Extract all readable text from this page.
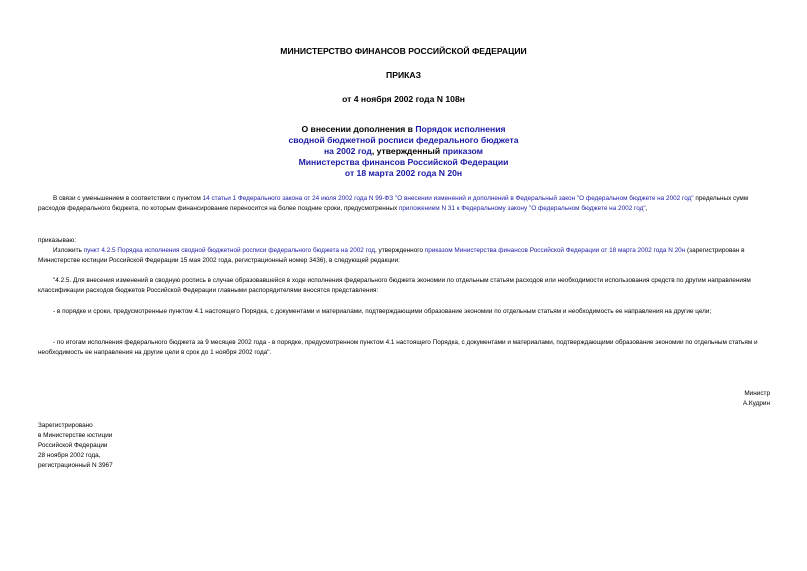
МИНИСТЕРСТВО ФИНАНСОВ РОССИЙСКОЙ ФЕДЕРАЦИИ
ПРИКАЗ
от 4 ноября 2002 года N 108н
О внесении дополнения в Порядок исполнения
сводной бюджетной росписи федерального бюджета
на 2002 год, утвержденный приказом
Министерства финансов Российской Федерации
от 18 марта 2002 года N 20н

В связи с уменьшением в соответствии с пунктом 14 статьи 1 Федерального закона от 24 июля 2002 года N 99-ФЗ "О внесении изменений и дополнений в Федеральный закон "О федеральном бюджете на 2002 год" предельных сумм расходов федерального бюджета, по которым финансирование переносится на более поздние сроки, предусмотренных приложением N 31 к Федеральному закону "О федеральном бюджете на 2002 год",

приказываю:

Изложить пункт 4.2.5 Порядка исполнения сводной бюджетной росписи федерального бюджета на 2002 год, утвержденного приказом Министерства финансов Российской Федерации от 18 марта 2002 года N 20н (зарегистрирован в Министерстве юстиции Российской Федерации 15 мая 2002 года, регистрационный номер 3436), в следующей редакции:

"4.2.5. Для внесения изменений в сводную роспись в случае образовавшейся в ходе исполнения федерального бюджета экономии по отдельным статьям расходов или необходимости использования средств по другим направлениям классификации расходов бюджетов Российской Федерации главными распорядителями вносятся представления:

- в порядке и сроки, предусмотренные пунктом 4.1 настоящего Порядка, с документами и материалами, подтверждающими образование экономии по отдельным статьям и необходимость ее направления на другие цели;

- по итогам исполнения федерального бюджета за 9 месяцев 2002 года - в порядке, предусмотренном пунктом 4.1 настоящего Порядка, с документами и материалами, подтверждающими образование экономии по отдельным статьям и необходимость ее направления на другие цели в срок до 1 ноября 2002 года".

Министр
А.Кудрин
Зарегистрировано
в Министерстве юстиции
Российской Федерации
28 ноября 2002 года,
регистрационный N 3967
